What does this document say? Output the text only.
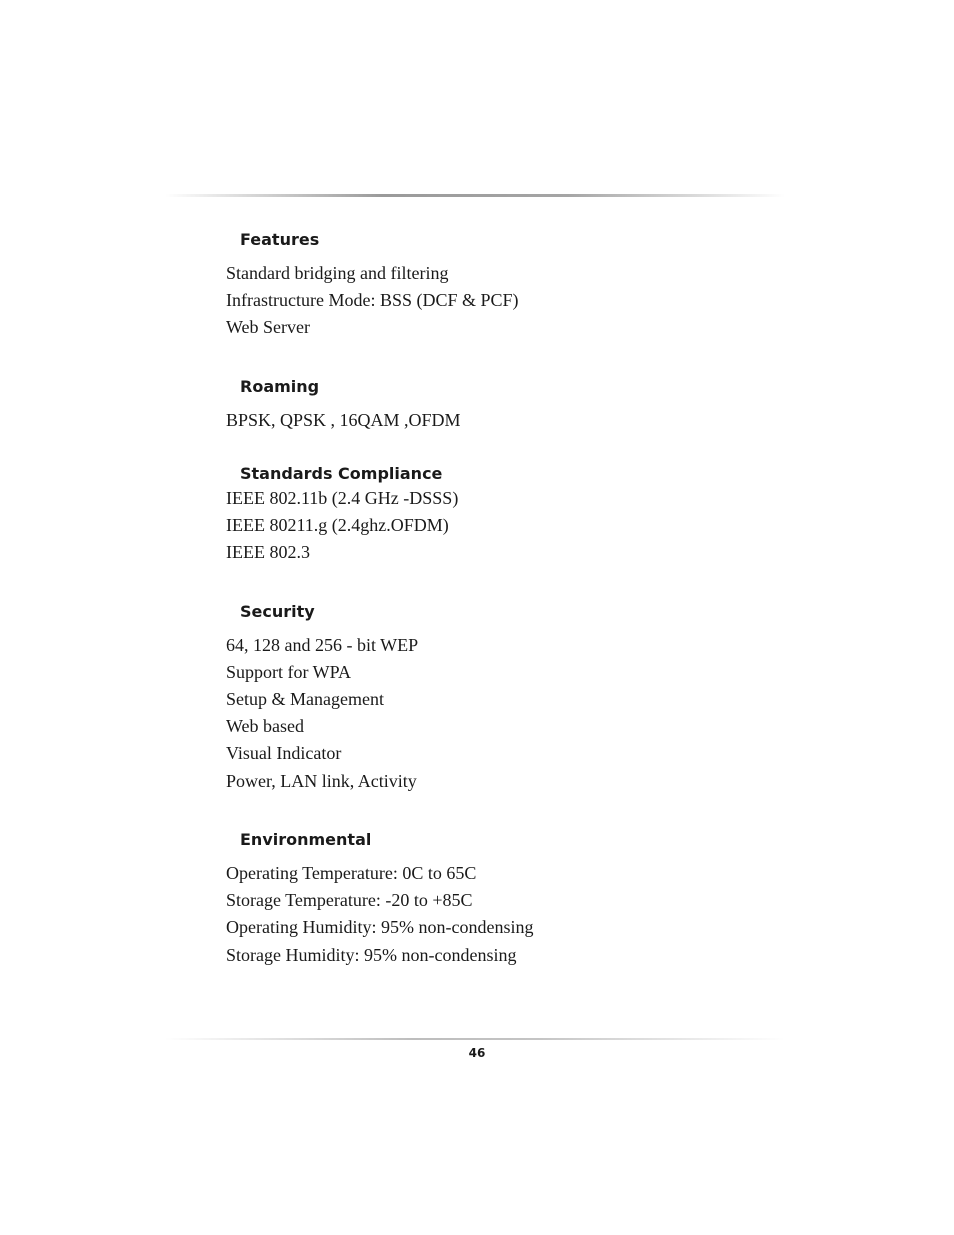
Features

Standard bridging and filtering

Infrastructure Mode: BSS (DCF & PCF)

Web Server

Roaming

BPSK, QPSK , 16QAM ,OFDM

Standards Compliance

IEEE 802.11b (2.4 GHz -DSSS)

IEEE 80211.g (2.4ghz.OFDM)

IEEE 802.3

Security

64, 128 and 256 - bit WEP

Support for WPA

Setup & Management

Web based

Visual Indicator

Power, LAN link, Activity

Environmental

Operating Temperature: 0C to 65C

Storage Temperature: -20 to +85C

Operating Humidity: 95% non-condensing

Storage Humidity: 95% non-condensing

46
